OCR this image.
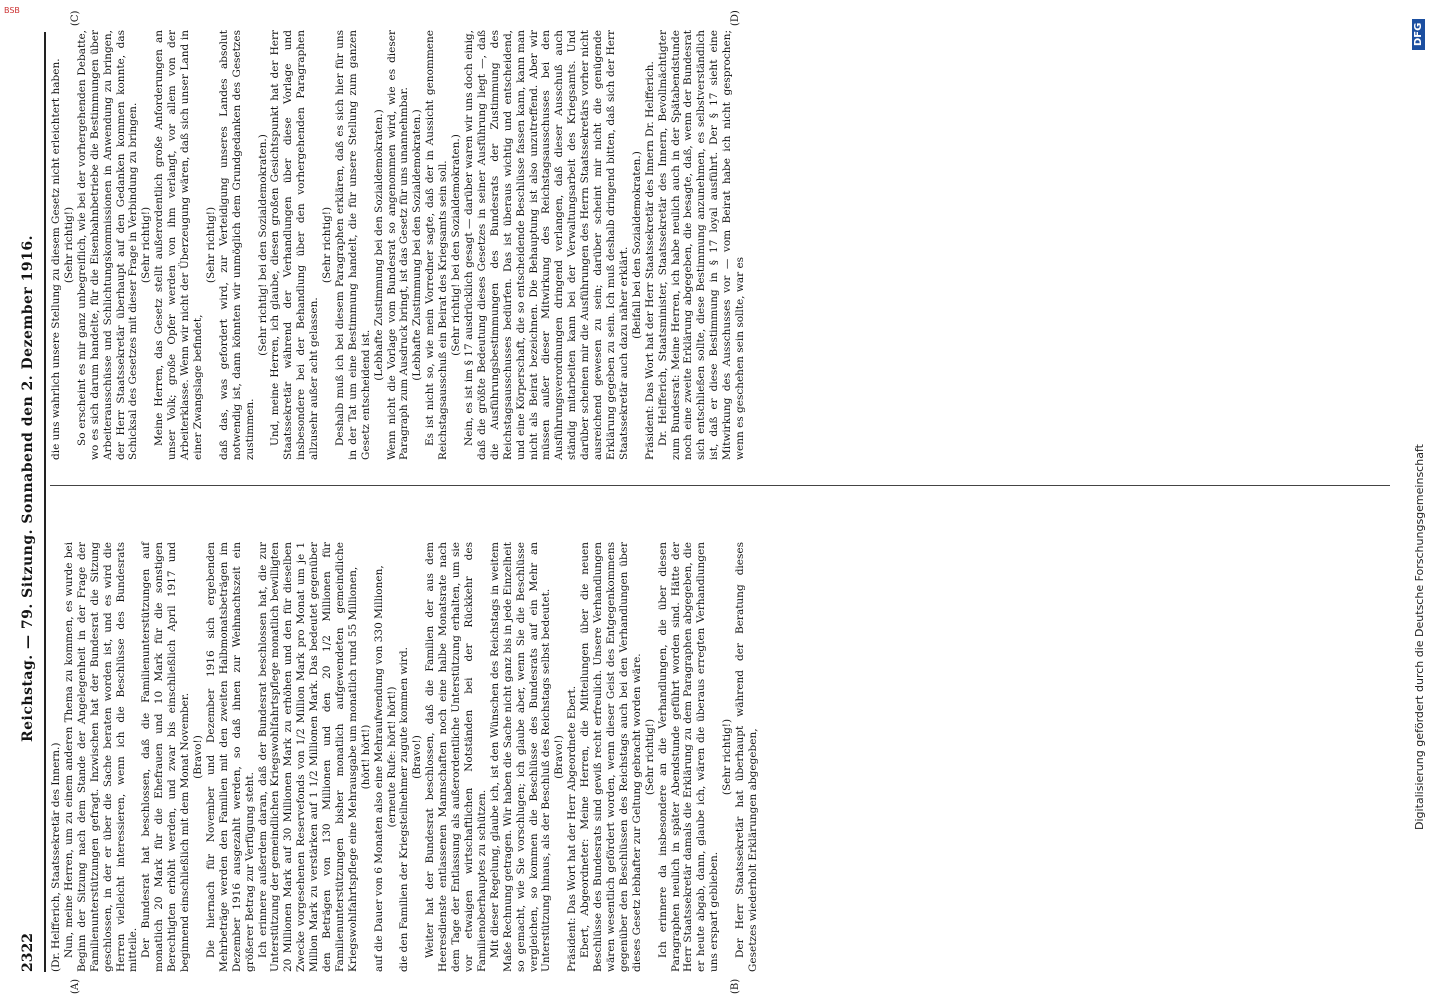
BSB
2322
Reichstag. — 79. Sitzung. Sonnabend den 2. Dezember 1916.
(A)	(B)
(C)	(D)

(Dr. Helfferich, Staatssekretär des Innern.) Nun, meine Herren, um zu einem anderen Thema zu kommen, es wurde bei Beginn der Sitzung nach dem Stande der Angelegenheit in der Frage der Familienunterstützungen gefragt. Inzwischen hat der Bundesrat die Sitzung geschlossen, in der er über die Sache beraten worden ist, und es wird die Herren vielleicht interessieren, wenn ich die Beschlüsse des Bundesrats mitteile. Der Bundesrat hat beschlossen, daß die Familienunterstützungen auf monatlich 20 Mark für die Ehefrauen und 10 Mark für die sonstigen Berechtigten erhöht werden, und zwar bis einschließlich April 1917 und beginnend einschließlich mit dem Monat November. (Bravo!) Die hiernach für November und Dezember 1916 sich ergebenden Mehrbeträge werden den Familien mit den zweiten Halbmonatsbeträgen im Dezember 1916 ausgezahlt werden, so daß ihnen zur Weihnachtszeit ein größerer Betrag zur Verfügung steht. Ich erinnere außerdem daran, daß der Bundesrat beschlossen hat, die zur Unterstützung der gemeindlichen Kriegswohlfahrtspflege monatlich bewilligten 20 Millionen Mark auf 30 Millionen Mark zu erhöhen und den für dieselben Zwecke vorgesehenen Reservefonds von 1/2 Million Mark pro Monat um je 1 Million Mark zu verstärken auf 1 1/2 Millionen Mark. Das bedeutet gegenüber den Beträgen von 130 Millionen und den 20 1/2 Millionen für Familienunterstützungen bisher monatlich aufgewendeten gemeindliche Kriegswohlfahrtspflege eine Mehrausgabe um monatlich rund 55 Millionen, (hört! hört!) auf die Dauer von 6 Monaten also eine Mehraufwendung von 330 Millionen, (erneute Rufe: hört! hört!) die den Familien der Kriegsteilnehmer zugute kommen wird. (Bravo!) Weiter hat der Bundesrat beschlossen, daß die Familien der aus dem Heeresdienste entlassenen Mannschaften noch eine halbe Monatsrate nach dem Tage der Entlassung als außerordentliche Unterstützung erhalten, um sie vor etwaigen wirtschaftlichen Notständen bei der Rückkehr des Familienoberhauptes zu schützen. Mit dieser Regelung, glaube ich, ist den Wünschen des Reichstags in weitem Maße Rechnung getragen. Wir haben die Sache nicht ganz bis in jede Einzelheit so gemacht, wie Sie vorschlugen; ich glaube aber, wenn Sie die Beschlüsse vergleichen, so kommen die Beschlüsse des Bundesrats auf ein Mehr an Unterstützung hinaus, als der Beschluß des Reichstags selbst bedeutet. (Bravo!) Präsident: Das Wort hat der Herr Abgeordnete Ebert. Ebert, Abgeordneter: Meine Herren, die Mitteilungen über die neuen Beschlüsse des Bundesrats sind gewiß recht erfreulich. Unsere Verhandlungen wären wesentlich gefördert worden, wenn dieser Geist des Entgegenkommens gegenüber den Beschlüssen des Reichstags auch bei den Verhandlungen über dieses Gesetz lebhafter zur Geltung gebracht worden wäre. (Sehr richtig!) Ich erinnere da insbesondere an die Verhandlungen, die über diesen Paragraphen neulich in später Abendstunde geführt worden sind. Hätte der Herr Staatssekretär damals die Erklärung zu dem Paragraphen abgegeben, die er heute abgab, dann, glaube ich, wären die überaus erregten Verhandlungen uns erspart geblieben.

(Sehr richtig!) Der Herr Staatssekretär hat überhaupt während der Beratung dieses Gesetzes wiederholt Erklärungen abgegeben,

die uns wahrlich unsere Stellung zu diesem Gesetz nicht erleichtert haben. (Sehr richtig!) So erscheint es mir ganz unbegreiflich, wie bei der vorhergehenden Debatte, wo es sich darum handelte, für die Eisenbahnbetriebe die Bestimmungen über Arbeiterausschüsse und Schlichtungskommissionen in Anwendung zu bringen, der Herr Staatssekretär überhaupt auf den Gedanken kommen konnte, das Schicksal des Gesetzes mit dieser Frage in Verbindung zu bringen. (Sehr richtig!) Meine Herren, das Gesetz stellt außerordentlich große Anforderungen an unser Volk; große Opfer werden von ihm verlangt, vor allem von der Arbeiterklasse. Wenn wir nicht der Überzeugung wären, daß sich unser Land in einer Zwangslage befindet,

(Sehr richtig!) daß das, was gefordert wird, zur Verteidigung unseres Landes absolut notwendig ist, dann könnten wir unmöglich dem Grundgedanken des Gesetzes zustimmen.

(Sehr richtig! bei den Sozialdemokraten.) Und, meine Herren, ich glaube, diesen großen Gesichtspunkt hat der Herr Staatssekretär während der Verhandlungen über diese Vorlage und insbesondere bei der Behandlung über den vorhergehenden Paragraphen allzusehr außer acht gelassen.

(Sehr richtig!) Deshalb muß ich bei diesem Paragraphen erklären, daß es sich hier für uns in der Tat um eine Bestimmung handelt, die für unsere Stellung zum ganzen Gesetz entscheidend ist.

(Lebhafte Zustimmung bei den Sozialdemokraten.) Wenn nicht die Vorlage vom Bundesrat so angenommen wird, wie es dieser Paragraph zum Ausdruck bringt, ist das Gesetz für uns unannehmbar. (Lebhafte Zustimmung bei den Sozialdemokraten.) Es ist nicht so, wie mein Vorredner sagte, daß der in Aussicht genommene Reichstagsausschuß ein Beirat des Kriegsamts sein soll. (Sehr richtig! bei den Sozialdemokraten.) Nein, es ist im § 17 ausdrücklich gesagt — darüber waren wir uns doch einig, daß die größte Bedeutung dieses Gesetzes in seiner Ausführung liegt —, daß die Ausführungsbestimmungen des Bundesrats der Zustimmung des Reichstagsausschusses bedürfen. Das ist überaus wichtig und entscheidend, und eine Körperschaft, die so entscheidende Beschlüsse fassen kann, kann man nicht als Beirat bezeichnen. Die Behauptung ist also unzutreffend. Aber wir müssen außer dieser Mitwirkung des Reichstagsausschusses bei den Ausführungsverordnungen dringend verlangen, daß dieser Ausschuß auch ständig mitarbeiten kann bei der Verwaltungsarbeit des Kriegsamts. Und darüber scheinen mir die Ausführungen des Herrn Staatssekretärs vorher nicht ausreichend gewesen zu sein; darüber scheint mir nicht die genügende Erklärung gegeben zu sein. Ich muß deshalb dringend bitten, daß sich der Herr Staatssekretär auch dazu näher erklärt.

(Beifall bei den Sozialdemokraten.) Präsident: Das Wort hat der Herr Staatssekretär des Innern Dr. Helfferich. Dr. Helfferich, Staatsminister, Staatssekretär des Innern, Bevollmächtigter zum Bundesrat: Meine Herren, ich habe neulich auch in der Spätabendstunde noch eine zweite Erklärung abgegeben, die besagte, daß, wenn der Bundesrat sich entschließen sollte, diese Bestimmung anzunehmen, es selbstverständlich ist, daß er diese Bestimmung in § 17 loyal ausführt. Der § 17 sieht eine Mitwirkung des Ausschusses vor — vom Beirat habe ich nicht gesprochen; wenn es geschehen sein sollte, war es

Digitalisierung gefördert durch die Deutsche Forschungsgemeinschaft
DFG
